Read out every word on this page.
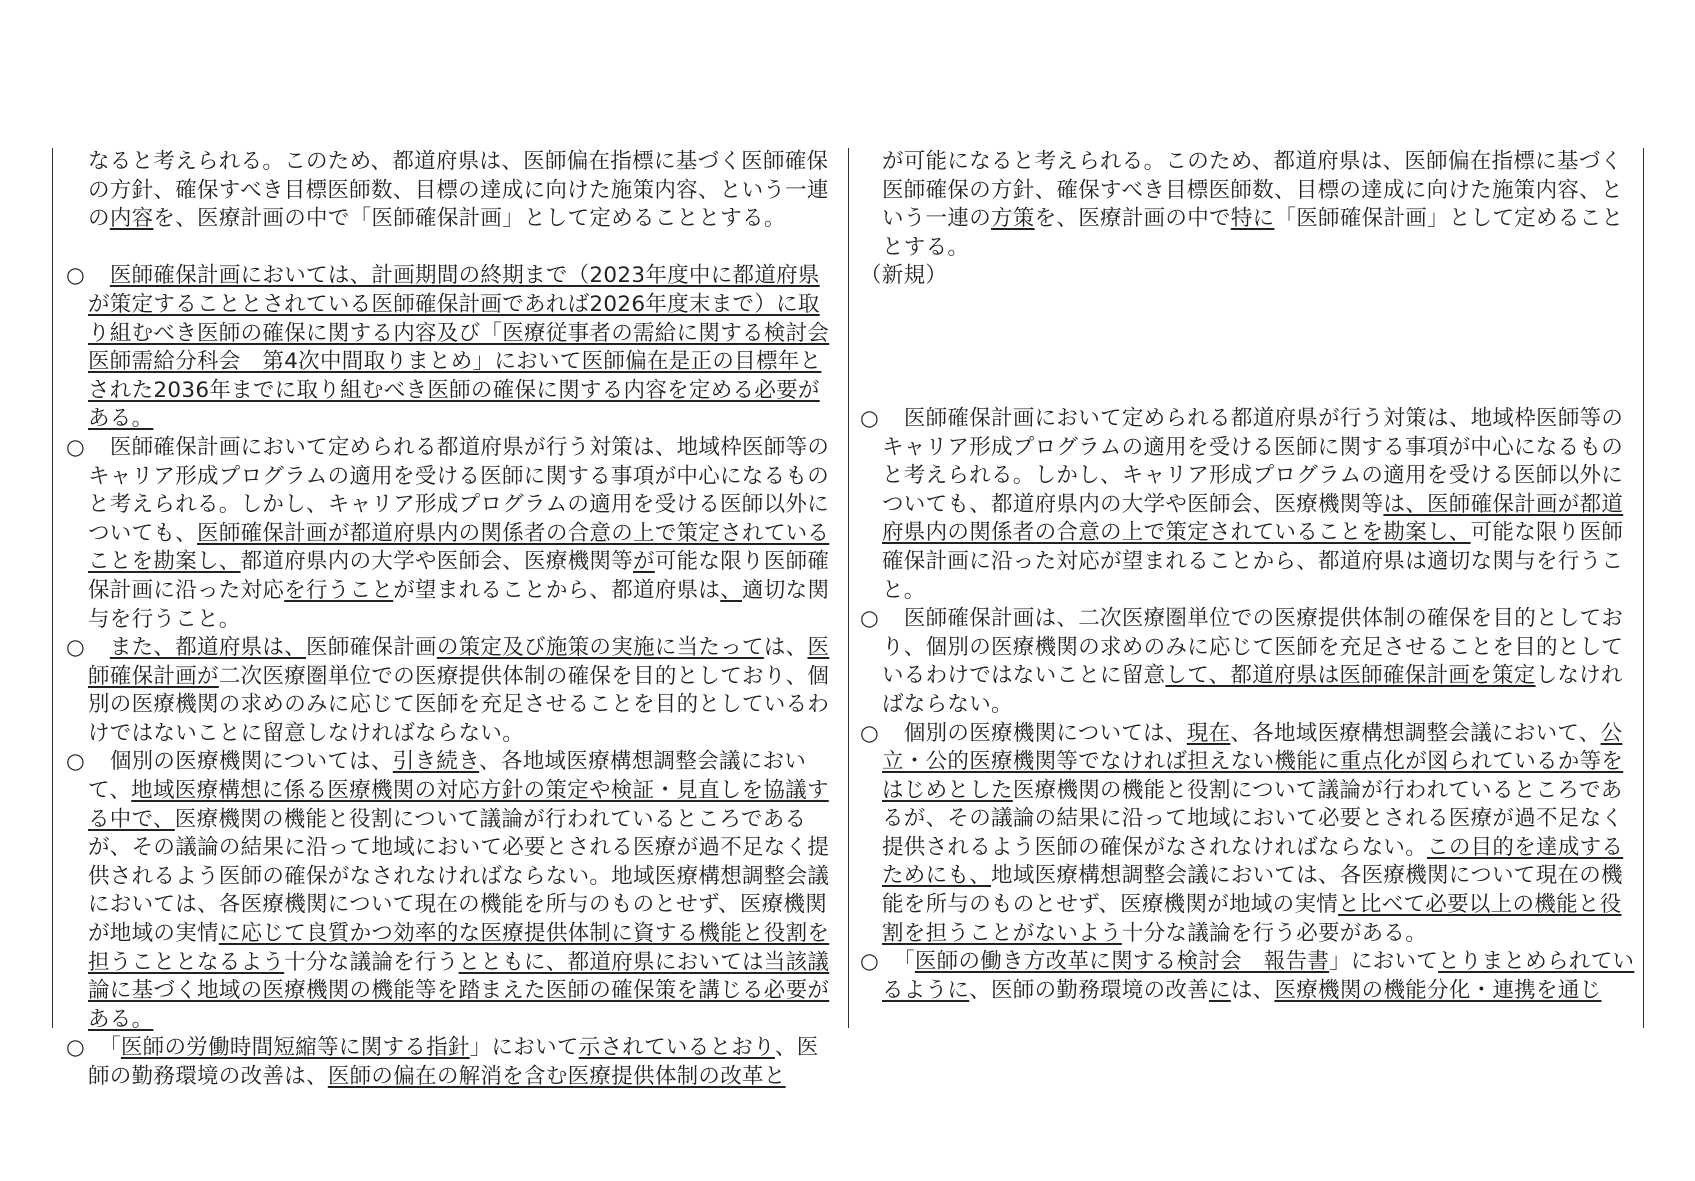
なると考えられる。このため、都道府県は、医師偏在指標に基づく医師確保の方針、確保すべき目標医師数、目標の達成に向けた施策内容、という一連の内容を、医療計画の中で「医師確保計画」として定めることとする。
○
　	医師確保計画においては、計画期間の終期まで（2023年度中に都道府県が策定することとされている医師確保計画であれば2026年度末まで）に取り組むべき医師の確保に関する内容及び「医療従事者の需給に関する検討会医師需給分科会　第4次中間取りまとめ」において医師偏在是正の目標年とされた2036年までに取り組むべき医師の確保に関する内容を定める必要がある。
○
　	医師確保計画において定められる都道府県が行う対策は、地域枠医師等のキャリア形成プログラムの適用を受ける医師に関する事項が中心になるものと考えられる。しかし、キャリア形成プログラムの適用を受ける医師以外についても、医師確保計画が都道府県内の関係者の合意の上で策定されていることを勘案し、都道府県内の大学や医師会、医療機関等が可能な限り医師確保計画に沿った対応を行うことが望まれることから、都道府県は、適切な関与を行うこと。
○
　	また、都道府県は、医師確保計画の策定及び施策の実施に当たっては、医師確保計画が二次医療圏単位での医療提供体制の確保を目的としており、個別の医療機関の求めのみに応じて医師を充足させることを目的としているわけではないことに留意しなければならない。
○
　	個別の医療機関については、引き続き、各地域医療構想調整会議において、地域医療構想に係る医療機関の対応方針の策定や検証・見直しを協議する中で、医療機関の機能と役割について議論が行われているところであるが、その議論の結果に沿って地域において必要とされる医療が過不足なく提供されるよう医師の確保がなされなければならない。地域医療構想調整会議においては、各医療機関について現在の機能を所与のものとせず、医療機関が地域の実情に応じて良質かつ効率的な医療提供体制に資する機能と役割を担うこととなるよう十分な議論を行うとともに、都道府県においては当該議論に基づく地域の医療機関の機能等を踏まえた医師の確保策を講じる必要がある。
○
　	「医師の労働時間短縮等に関する指針」において示されているとおり、医師の勤務環境の改善は、医師の偏在の解消を含む医療提供体制の改革と
が可能になると考えられる。このため、都道府県は、医師偏在指標に基づく医師確保の方針、確保すべき目標医師数、目標の達成に向けた施策内容、という一連の方策を、医療計画の中で特に「医師確保計画」として定めることとする。
（新規）
○
　	医師確保計画において定められる都道府県が行う対策は、地域枠医師等のキャリア形成プログラムの適用を受ける医師に関する事項が中心になるものと考えられる。しかし、キャリア形成プログラムの適用を受ける医師以外についても、都道府県内の大学や医師会、医療機関等は、医師確保計画が都道府県内の関係者の合意の上で策定されていることを勘案し、可能な限り医師確保計画に沿った対応が望まれることから、都道府県は適切な関与を行うこと。
○
　	医師確保計画は、二次医療圏単位での医療提供体制の確保を目的としており、個別の医療機関の求めのみに応じて医師を充足させることを目的としているわけではないことに留意して、都道府県は医師確保計画を策定しなければならない。
○
　	個別の医療機関については、現在、各地域医療構想調整会議において、公立・公的医療機関等でなければ担えない機能に重点化が図られているか等をはじめとした医療機関の機能と役割について議論が行われているところであるが、その議論の結果に沿って地域において必要とされる医療が過不足なく提供されるよう医師の確保がなされなければならない。この目的を達成するためにも、地域医療構想調整会議においては、各医療機関について現在の機能を所与のものとせず、医療機関が地域の実情と比べて必要以上の機能と役割を担うことがないよう十分な議論を行う必要がある。
○
　	「医師の働き方改革に関する検討会　報告書」においてとりまとめられているように、医師の勤務環境の改善には、医療機関の機能分化・連携を通じ
